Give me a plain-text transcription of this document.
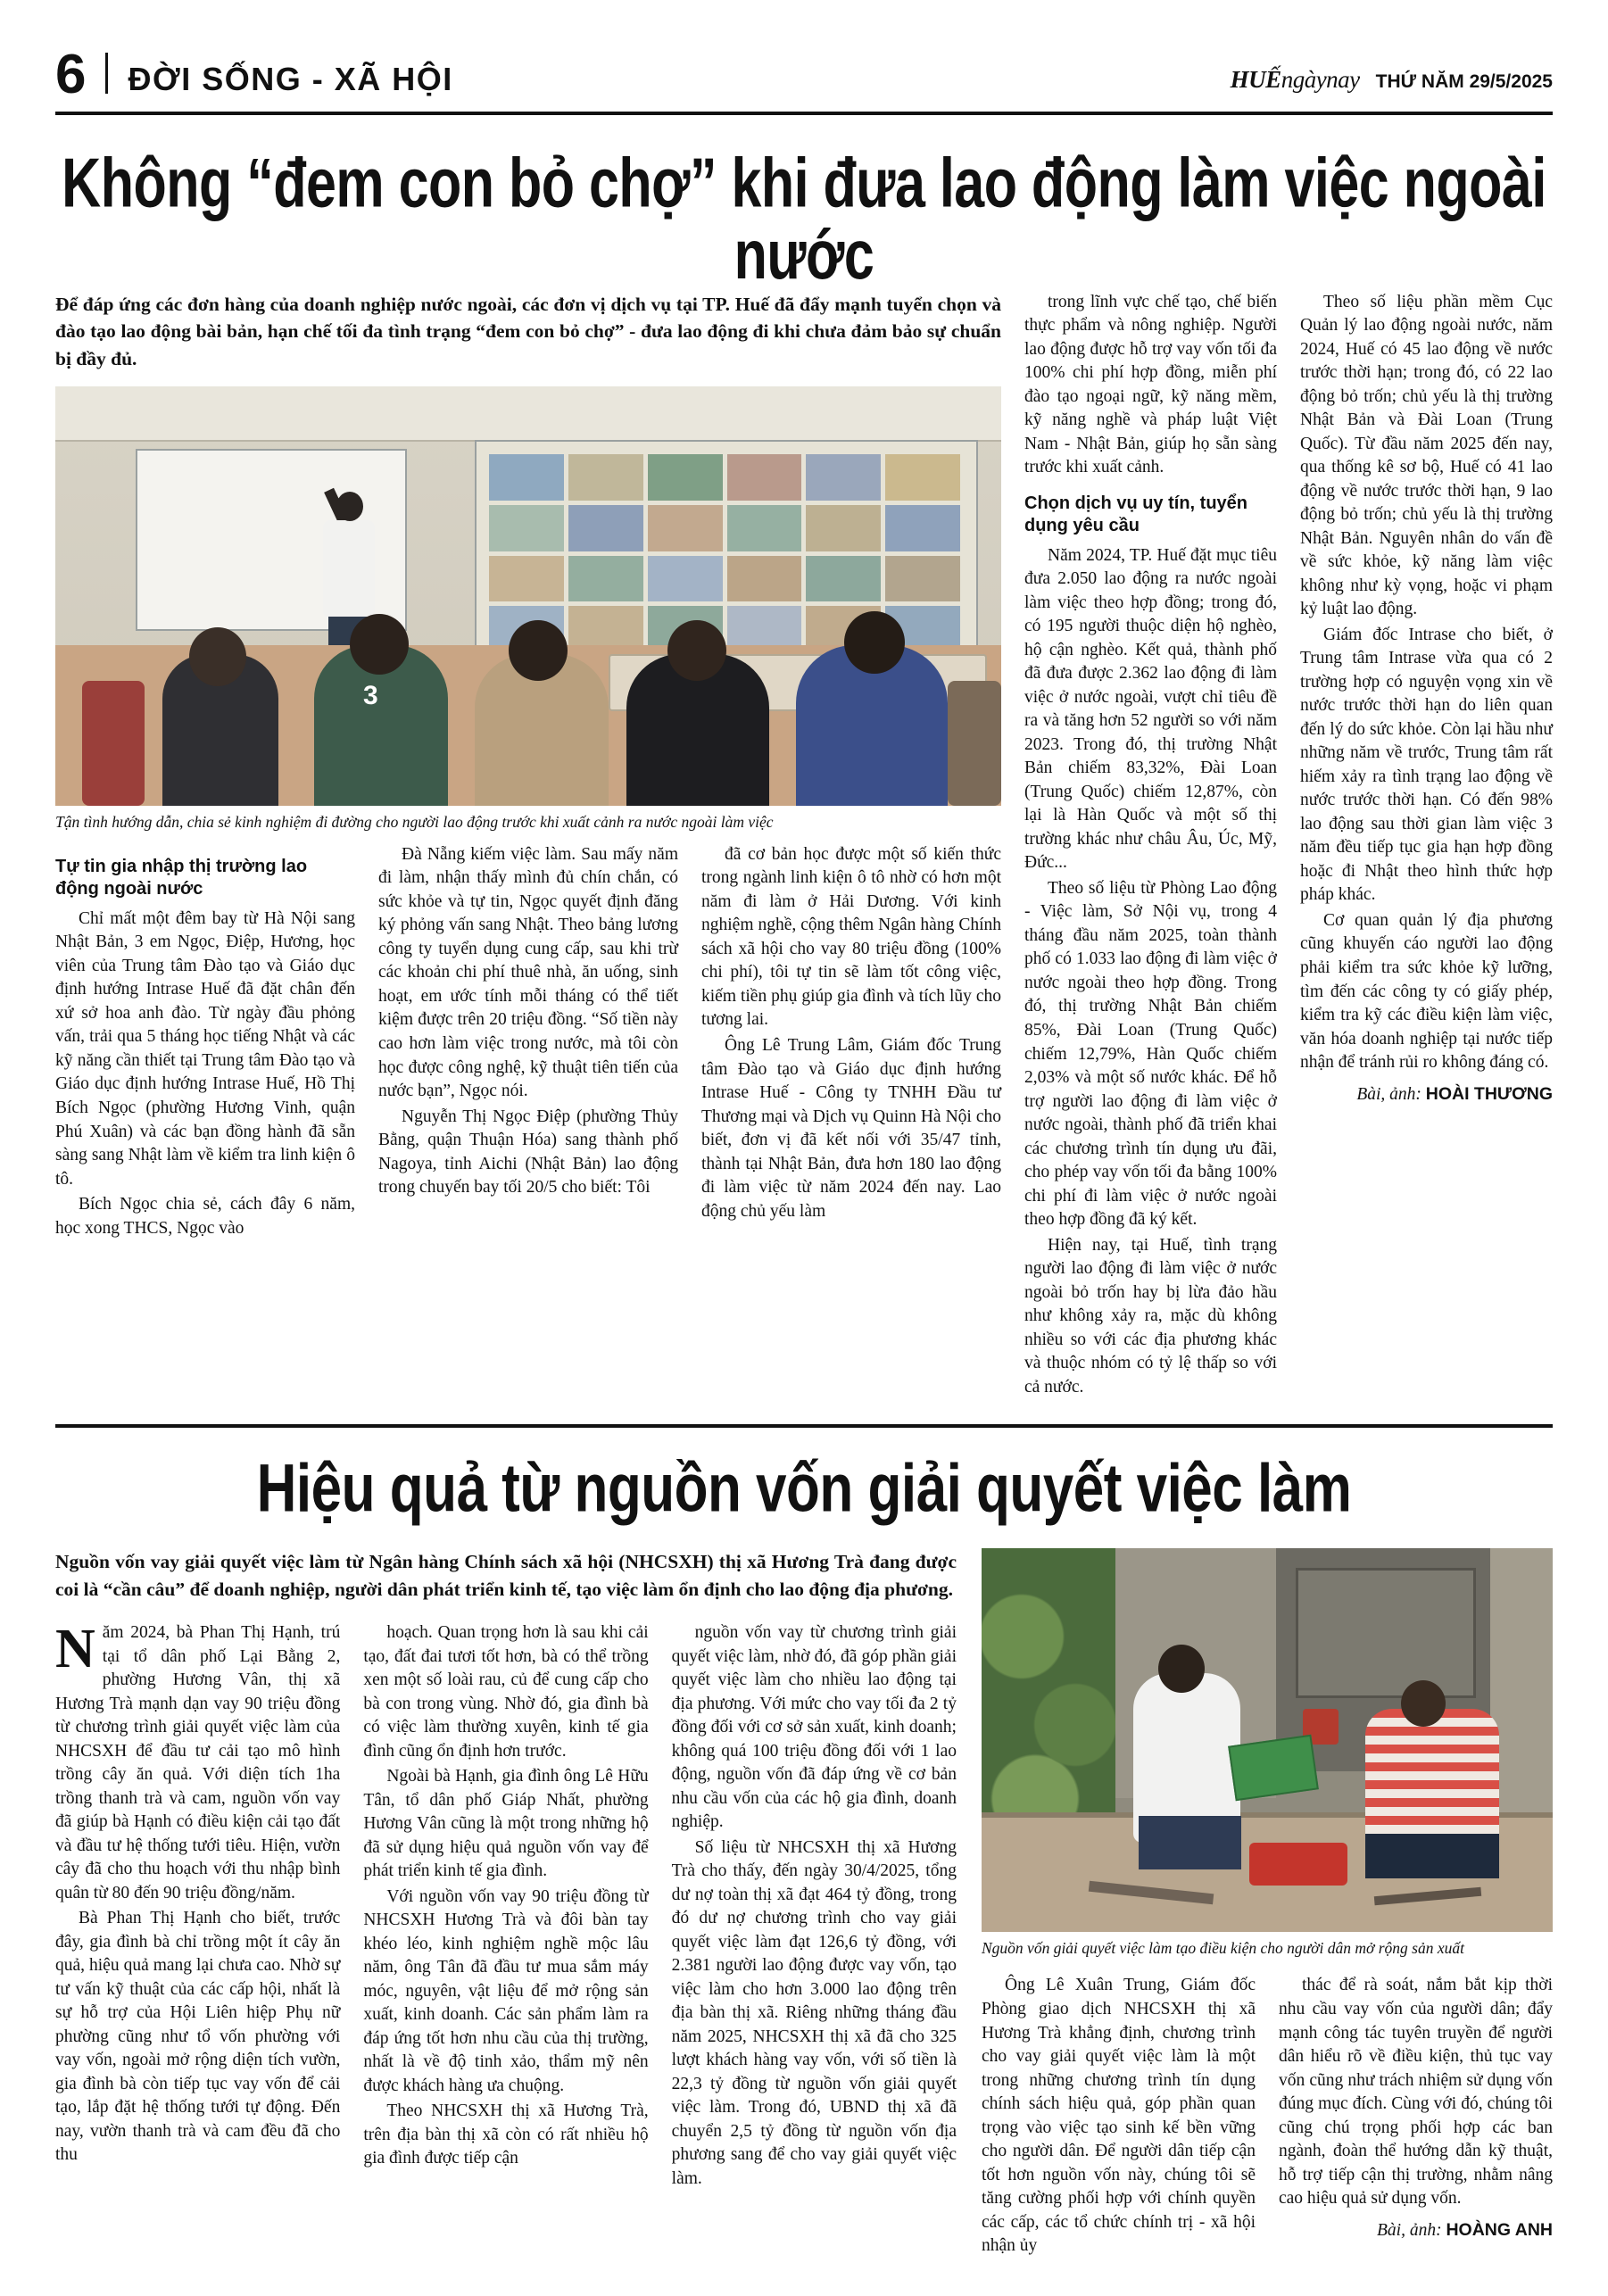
6 ĐỜI SỐNG - XÃ HỘI	HUẾngàynay THỨ NĂM 29/5/2025
Không “đem con bỏ chợ” khi đưa lao động làm việc ngoài nước
Để đáp ứng các đơn hàng của doanh nghiệp nước ngoài, các đơn vị dịch vụ tại TP. Huế đã đẩy mạnh tuyển chọn và đào tạo lao động bài bản, hạn chế tối đa tình trạng “đem con bỏ chợ” - đưa lao động đi khi chưa đảm bảo sự chuẩn bị đầy đủ.
3
Tận tình hướng dẫn, chia sẻ kinh nghiệm đi đường cho người lao động trước khi xuất cảnh ra nước ngoài làm việc
Tự tin gia nhập thị trường lao động ngoài nước

Chỉ mất một đêm bay từ Hà Nội sang Nhật Bản, 3 em Ngọc, Điệp, Hương, học viên của Trung tâm Đào tạo và Giáo dục định hướng Intrase Huế đã đặt chân đến xứ sở hoa anh đào. Từ ngày đầu phỏng vấn, trải qua 5 tháng học tiếng Nhật và các kỹ năng cần thiết tại Trung tâm Đào tạo và Giáo dục định hướng Intrase Huế, Hồ Thị Bích Ngọc (phường Hương Vinh, quận Phú Xuân) và các bạn đồng hành đã sẵn sàng sang Nhật làm về kiểm tra linh kiện ô tô.

Bích Ngọc chia sẻ, cách đây 6 năm, học xong THCS, Ngọc vào

Đà Nẵng kiếm việc làm. Sau mấy năm đi làm, nhận thấy mình đủ chín chắn, có sức khỏe và tự tin, Ngọc quyết định đăng ký phỏng vấn sang Nhật. Theo bảng lương công ty tuyển dụng cung cấp, sau khi trừ các khoản chi phí thuê nhà, ăn uống, sinh hoạt, em ước tính mỗi tháng có thể tiết kiệm được trên 20 triệu đồng. “Số tiền này cao hơn làm việc trong nước, mà tôi còn học được công nghệ, kỹ thuật tiên tiến của nước bạn”, Ngọc nói.

Nguyễn Thị Ngọc Điệp (phường Thủy Bằng, quận Thuận Hóa) sang thành phố Nagoya, tỉnh Aichi (Nhật Bản) lao động trong chuyến bay tối 20/5 cho biết: Tôi

đã cơ bản học được một số kiến thức trong ngành linh kiện ô tô nhờ có hơn một năm đi làm ở Hải Dương. Với kinh nghiệm nghề, cộng thêm Ngân hàng Chính sách xã hội cho vay 80 triệu đồng (100% chi phí), tôi tự tin sẽ làm tốt công việc, kiếm tiền phụ giúp gia đình và tích lũy cho tương lai.

Ông Lê Trung Lâm, Giám đốc Trung tâm Đào tạo và Giáo dục định hướng Intrase Huế - Công ty TNHH Đầu tư Thương mại và Dịch vụ Quinn Hà Nội cho biết, đơn vị đã kết nối với 35/47 tỉnh, thành tại Nhật Bản, đưa hơn 180 lao động đi làm việc từ năm 2024 đến nay. Lao động chủ yếu làm

trong lĩnh vực chế tạo, chế biến thực phẩm và nông nghiệp. Người lao động được hỗ trợ vay vốn tối đa 100% chi phí hợp đồng, miễn phí đào tạo ngoại ngữ, kỹ năng mềm, kỹ năng nghề và pháp luật Việt Nam - Nhật Bản, giúp họ sẵn sàng trước khi xuất cảnh.

Chọn dịch vụ uy tín, tuyển dụng yêu cầu

Năm 2024, TP. Huế đặt mục tiêu đưa 2.050 lao động ra nước ngoài làm việc theo hợp đồng; trong đó, có 195 người thuộc diện hộ nghèo, hộ cận nghèo. Kết quả, thành phố đã đưa được 2.362 lao động đi làm việc ở nước ngoài, vượt chỉ tiêu đề ra và tăng hơn 52 người so với năm 2023. Trong đó, thị trường Nhật Bản chiếm 83,32%, Đài Loan (Trung Quốc) chiếm 12,87%, còn lại là Hàn Quốc và một số thị trường khác như châu Âu, Úc, Mỹ, Đức...

Theo số liệu từ Phòng Lao động - Việc làm, Sở Nội vụ, trong 4 tháng đầu năm 2025, toàn thành phố có 1.033 lao động đi làm việc ở nước ngoài theo hợp đồng. Trong đó, thị trường Nhật Bản chiếm 85%, Đài Loan (Trung Quốc) chiếm 12,79%, Hàn Quốc chiếm 2,03% và một số nước khác. Để hỗ trợ người lao động đi làm việc ở nước ngoài, thành phố đã triển khai các chương trình tín dụng ưu đãi, cho phép vay vốn tối đa bằng 100% chi phí đi làm việc ở nước ngoài theo hợp đồng đã ký kết.

Hiện nay, tại Huế, tình trạng người lao động đi làm việc ở nước ngoài bỏ trốn hay bị lừa đảo hầu như không xảy ra, mặc dù không nhiều so với các địa phương khác và thuộc nhóm có tỷ lệ thấp so với cả nước.

Theo số liệu phần mềm Cục Quản lý lao động ngoài nước, năm 2024, Huế có 45 lao động về nước trước thời hạn; trong đó, có 22 lao động bỏ trốn; chủ yếu là thị trường Nhật Bản và Đài Loan (Trung Quốc). Từ đầu năm 2025 đến nay, qua thống kê sơ bộ, Huế có 41 lao động về nước trước thời hạn, 9 lao động bỏ trốn; chủ yếu là thị trường Nhật Bản. Nguyên nhân do vấn đề về sức khỏe, kỹ năng làm việc không như kỳ vọng, hoặc vi phạm kỷ luật lao động.

Giám đốc Intrase cho biết, ở Trung tâm Intrase vừa qua có 2 trường hợp có nguyện vọng xin về nước trước thời hạn do liên quan đến lý do sức khỏe. Còn lại hầu như những năm về trước, Trung tâm rất hiếm xảy ra tình trạng lao động về nước trước thời hạn. Có đến 98% lao động sau thời gian làm việc 3 năm đều tiếp tục gia hạn hợp đồng hoặc đi Nhật theo hình thức hợp pháp khác.

Cơ quan quản lý địa phương cũng khuyến cáo người lao động phải kiểm tra sức khỏe kỹ lưỡng, tìm đến các công ty có giấy phép, kiểm tra kỹ các điều kiện làm việc, văn hóa doanh nghiệp tại nước tiếp nhận để tránh rủi ro không đáng có.

Bài, ảnh: HOÀI THƯƠNG
Hiệu quả từ nguồn vốn giải quyết việc làm
Nguồn vốn vay giải quyết việc làm từ Ngân hàng Chính sách xã hội (NHCSXH) thị xã Hương Trà đang được coi là “cần câu” để doanh nghiệp, người dân phát triển kinh tế, tạo việc làm ổn định cho lao động địa phương.

Năm 2024, bà Phan Thị Hạnh, trú tại tổ dân phố Lại Bằng 2, phường Hương Vân, thị xã Hương Trà mạnh dạn vay 90 triệu đồng từ chương trình giải quyết việc làm của NHCSXH để đầu tư cải tạo mô hình trồng cây ăn quả. Với diện tích 1ha trồng thanh trà và cam, nguồn vốn vay đã giúp bà Hạnh có điều kiện cải tạo đất và đầu tư hệ thống tưới tiêu. Hiện, vườn cây đã cho thu hoạch với thu nhập bình quân từ 80 đến 90 triệu đồng/năm.

Bà Phan Thị Hạnh cho biết, trước đây, gia đình bà chỉ trồng một ít cây ăn quả, hiệu quả mang lại chưa cao. Nhờ sự tư vấn kỹ thuật của các cấp hội, nhất là sự hỗ trợ của Hội Liên hiệp Phụ nữ phường cũng như tổ vốn phường với vay vốn, ngoài mở rộng diện tích vườn, gia đình bà còn tiếp tục vay vốn để cải tạo, lắp đặt hệ thống tưới tự động. Đến nay, vườn thanh trà và cam đều đã cho thu

hoạch. Quan trọng hơn là sau khi cải tạo, đất đai tươi tốt hơn, bà có thể trồng xen một số loài rau, củ để cung cấp cho bà con trong vùng. Nhờ đó, gia đình bà có việc làm thường xuyên, kinh tế gia đình cũng ổn định hơn trước.

Ngoài bà Hạnh, gia đình ông Lê Hữu Tân, tổ dân phố Giáp Nhất, phường Hương Vân cũng là một trong những hộ đã sử dụng hiệu quả nguồn vốn vay để phát triển kinh tế gia đình.

Với nguồn vốn vay 90 triệu đồng từ NHCSXH Hương Trà và đôi bàn tay khéo léo, kinh nghiệm nghề mộc lâu năm, ông Tân đã đầu tư mua sắm máy móc, nguyên, vật liệu để mở rộng sản xuất, kinh doanh. Các sản phẩm làm ra đáp ứng tốt hơn nhu cầu của thị trường, nhất là về độ tinh xảo, thẩm mỹ nên được khách hàng ưa chuộng.

Theo NHCSXH thị xã Hương Trà, trên địa bàn thị xã còn có rất nhiều hộ gia đình được tiếp cận

nguồn vốn vay từ chương trình giải quyết việc làm, nhờ đó, đã góp phần giải quyết việc làm cho nhiều lao động tại địa phương. Với mức cho vay tối đa 2 tỷ đồng đối với cơ sở sản xuất, kinh doanh; không quá 100 triệu đồng đối với 1 lao động, nguồn vốn đã đáp ứng về cơ bản nhu cầu vốn của các hộ gia đình, doanh nghiệp.

Số liệu từ NHCSXH thị xã Hương Trà cho thấy, đến ngày 30/4/2025, tổng dư nợ toàn thị xã đạt 464 tỷ đồng, trong đó dư nợ chương trình cho vay giải quyết việc làm đạt 126,6 tỷ đồng, với 2.381 người lao động được vay vốn, tạo việc làm cho hơn 3.000 lao động trên địa bàn thị xã. Riêng những tháng đầu năm 2025, NHCSXH thị xã đã cho 325 lượt khách hàng vay vốn, với số tiền là 22,3 tỷ đồng từ nguồn vốn giải quyết việc làm. Trong đó, UBND thị xã đã chuyển 2,5 tỷ đồng từ nguồn vốn địa phương sang để cho vay giải quyết việc làm.

Nguồn vốn giải quyết việc làm tạo điều kiện cho người dân mở rộng sản xuất

Ông Lê Xuân Trung, Giám đốc Phòng giao dịch NHCSXH thị xã Hương Trà khẳng định, chương trình cho vay giải quyết việc làm là một trong những chương trình tín dụng chính sách hiệu quả, góp phần quan trọng vào việc tạo sinh kế bền vững cho người dân. Để người dân tiếp cận tốt hơn nguồn vốn này, chúng tôi sẽ tăng cường phối hợp với chính quyền các cấp, các tổ chức chính trị - xã hội nhận ủy

thác để rà soát, nắm bắt kịp thời nhu cầu vay vốn của người dân; đẩy mạnh công tác tuyên truyền để người dân hiểu rõ về điều kiện, thủ tục vay vốn cũng như trách nhiệm sử dụng vốn đúng mục đích. Cùng với đó, chúng tôi cũng chú trọng phối hợp các ban ngành, đoàn thể hướng dẫn kỹ thuật, hỗ trợ tiếp cận thị trường, nhằm nâng cao hiệu quả sử dụng vốn.

Bài, ảnh: HOÀNG ANH
